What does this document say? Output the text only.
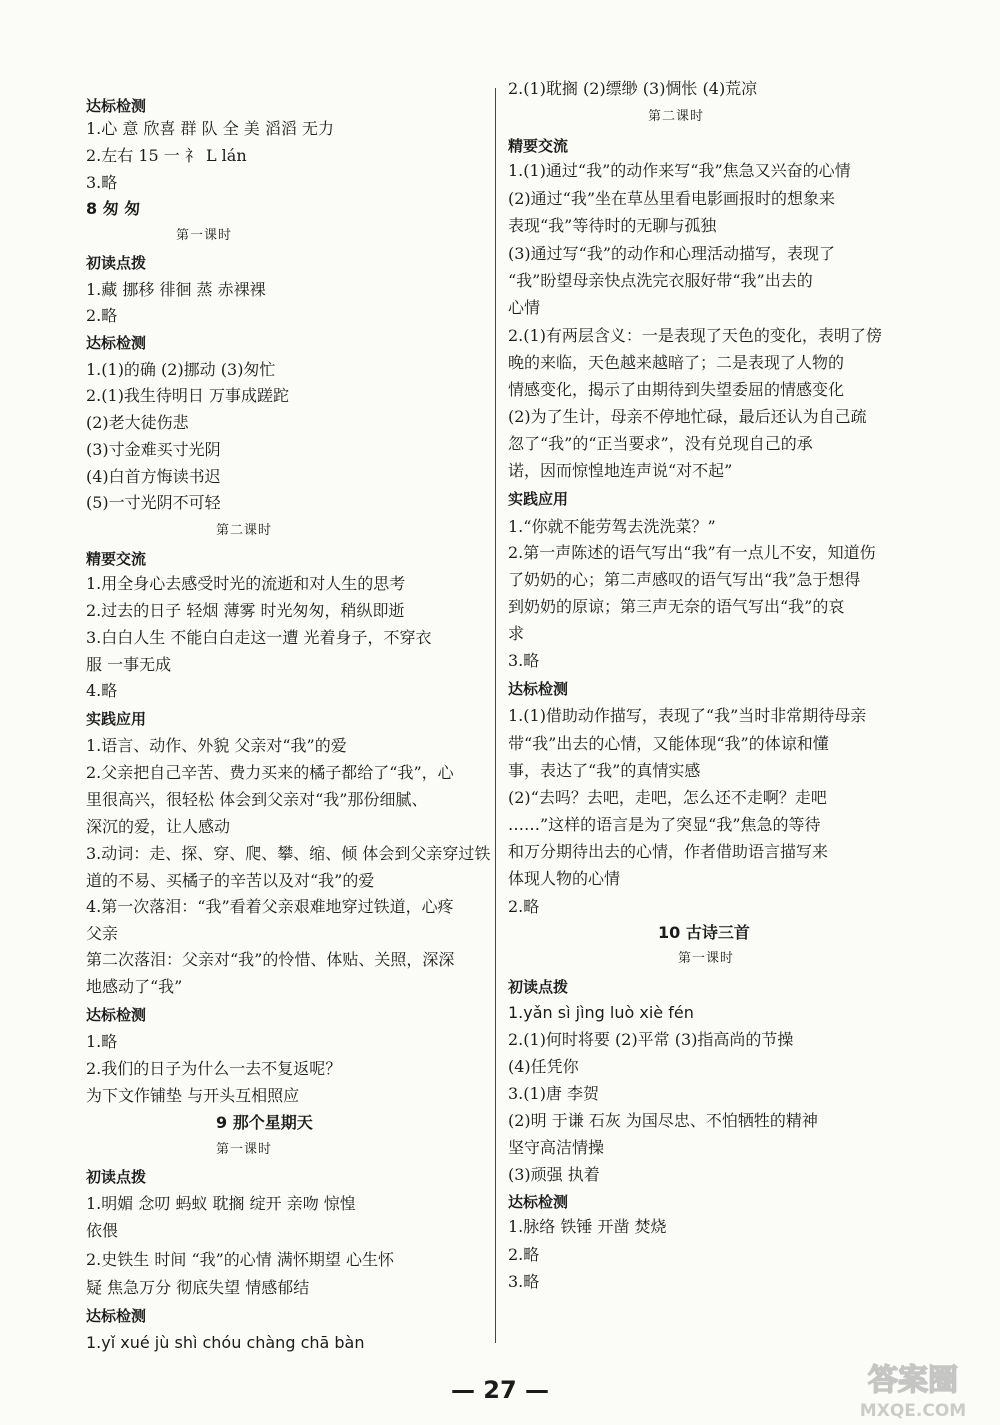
达标检测
1.心 意 欣喜 群 队 全 美 滔滔 无力
2.左右 15 一 礻 L lán
3.略
8 匆 匆
第一课时
初读点拨
1.藏 挪移 徘徊 蒸 赤裸裸
2.略
达标检测
1.(1)的确 (2)挪动 (3)匆忙
2.(1)我生待明日 万事成蹉跎
(2)老大徒伤悲
(3)寸金难买寸光阴
(4)白首方悔读书迟
(5)一寸光阴不可轻
第二课时
精要交流
1.用全身心去感受时光的流逝和对人生的思考
2.过去的日子 轻烟 薄雾 时光匆匆，稍纵即逝
3.白白人生 不能白白走这一遭 光着身子，不穿衣
服 一事无成
4.略
实践应用
1.语言、动作、外貌 父亲对“我”的爱
2.父亲把自己辛苦、费力买来的橘子都给了“我”，心
里很高兴，很轻松 体会到父亲对“我”那份细腻、
深沉的爱，让人感动
3.动词：走、探、穿、爬、攀、缩、倾 体会到父亲穿过铁
道的不易、买橘子的辛苦以及对“我”的爱
4.第一次落泪：“我”看着父亲艰难地穿过铁道，心疼
父亲
第二次落泪：父亲对“我”的怜惜、体贴、关照，深深
地感动了“我”
达标检测
1.略
2.我们的日子为什么一去不复返呢？
为下文作铺垫 与开头互相照应
9 那个星期天
第一课时
初读点拨
1.明媚 念叨 蚂蚁 耽搁 绽开 亲吻 惊惶
依偎
2.史铁生 时间 “我”的心情 满怀期望 心生怀
疑 焦急万分 彻底失望 情感郁结
达标检测
1.yǐ xué jù shì chóu chàng chā bàn
2.(1)耽搁 (2)缥缈 (3)惆怅 (4)荒凉
第二课时
精要交流
1.(1)通过“我”的动作来写“我”焦急又兴奋的心情
(2)通过“我”坐在草丛里看电影画报时的想象来
表现“我”等待时的无聊与孤独
(3)通过写“我”的动作和心理活动描写，表现了
“我”盼望母亲快点洗完衣服好带“我”出去的
心情
2.(1)有两层含义：一是表现了天色的变化，表明了傍
晚的来临，天色越来越暗了；二是表现了人物的
情感变化，揭示了由期待到失望委屈的情感变化
(2)为了生计，母亲不停地忙碌，最后还认为自己疏
忽了“我”的“正当要求”，没有兑现自己的承
诺，因而惊惶地连声说“对不起”
实践应用
1.“你就不能劳驾去洗洗菜？”
2.第一声陈述的语气写出“我”有一点儿不安，知道伤
了奶奶的心；第二声感叹的语气写出“我”急于想得
到奶奶的原谅；第三声无奈的语气写出“我”的哀
求
3.略
达标检测
1.(1)借助动作描写，表现了“我”当时非常期待母亲
带“我”出去的心情，又能体现“我”的体谅和懂
事，表达了“我”的真情实感
(2)“去吗？去吧，走吧，怎么还不走啊？走吧
……”这样的语言是为了突显“我”焦急的等待
和万分期待出去的心情，作者借助语言描写来
体现人物的心情
2.略
10 古诗三首
第一课时
初读点拨
1.yǎn sì jìng luò xiè fén
2.(1)何时将要 (2)平常 (3)指高尚的节操
(4)任凭你
3.(1)唐 李贺
(2)明 于谦 石灰 为国尽忠、不怕牺牲的精神
坚守高洁情操
(3)顽强 执着
达标检测
1.脉络 铁锤 开凿 焚烧
2.略
3.略
— 27 —	答案圈
MXQE.COM
